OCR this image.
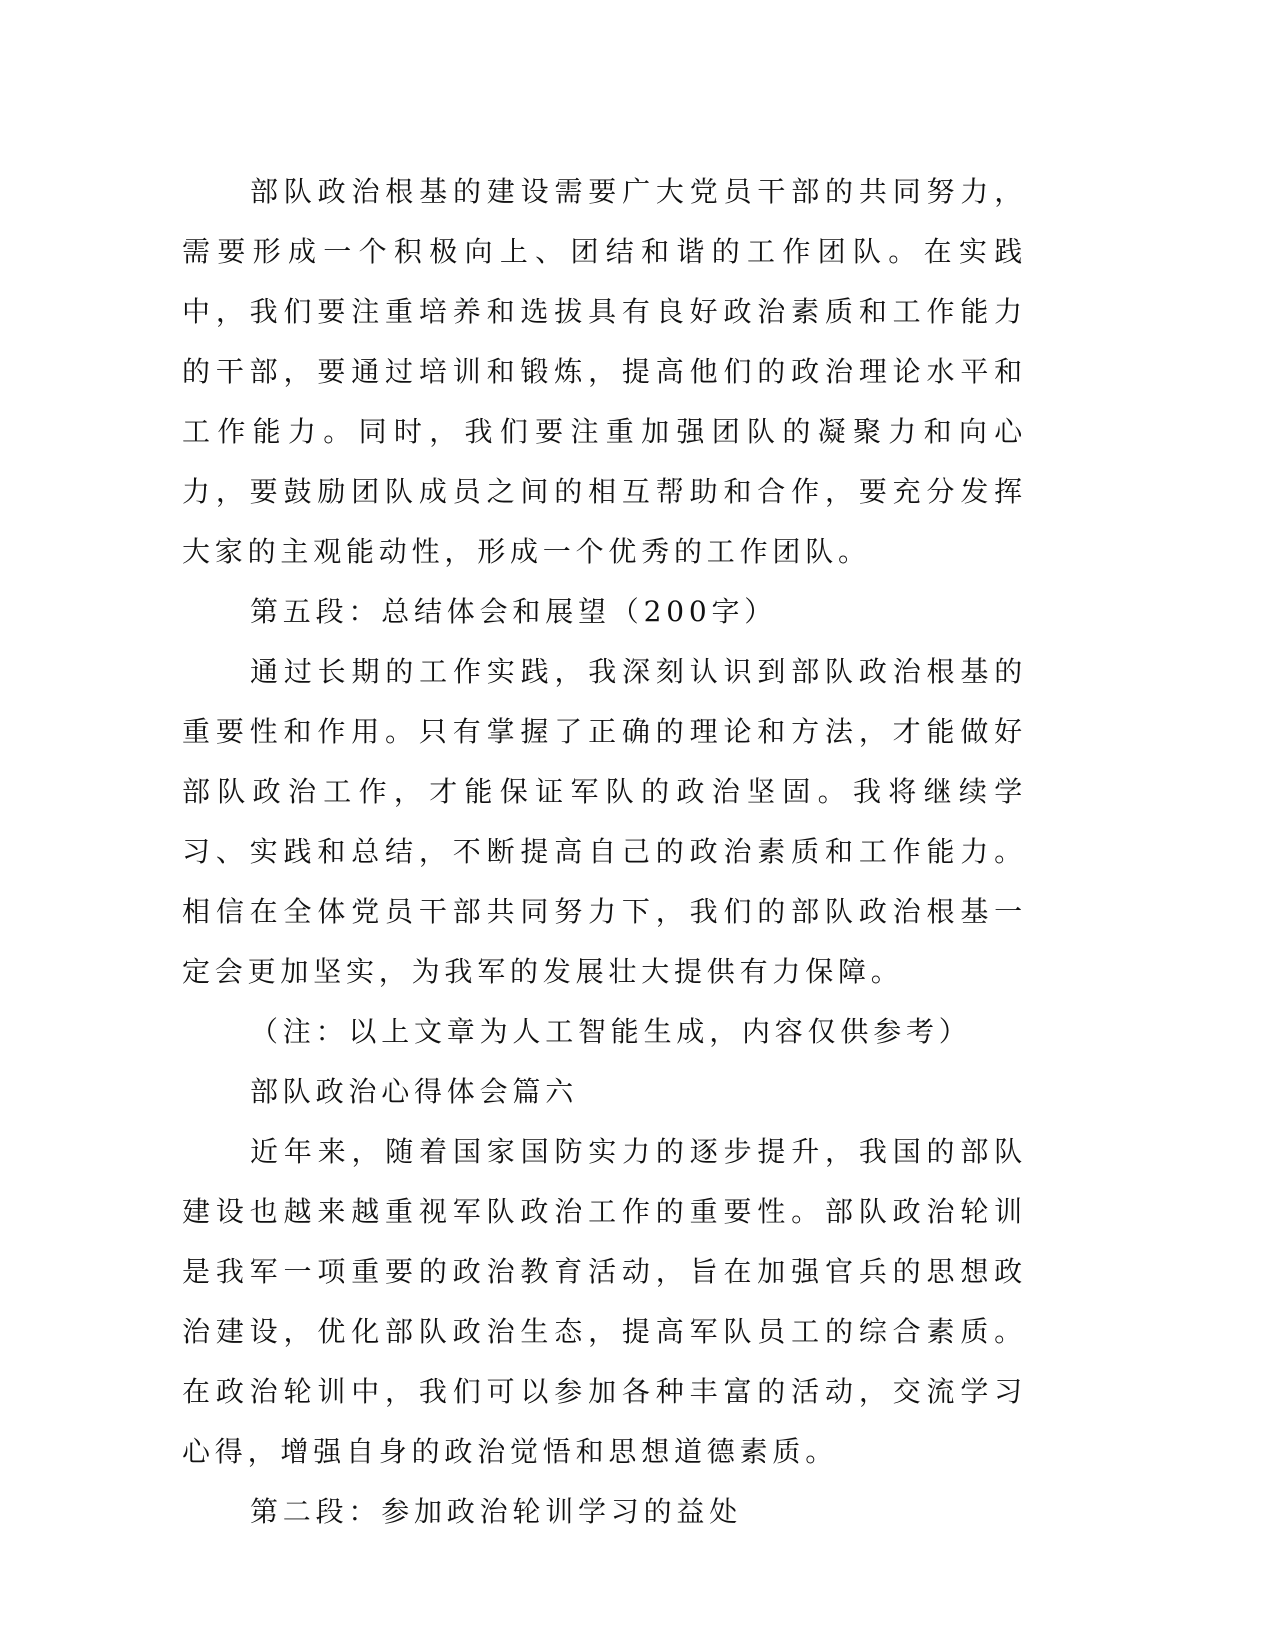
部队政治根基的建设需要广大党员干部的共同努力，需要形成一个积极向上、团结和谐的工作团队。在实践中，我们要注重培养和选拔具有良好政治素质和工作能力的干部，要通过培训和锻炼，提高他们的政治理论水平和工作能力。同时，我们要注重加强团队的凝聚力和向心力，要鼓励团队成员之间的相互帮助和合作，要充分发挥大家的主观能动性，形成一个优秀的工作团队。

第五段：总结体会和展望（200字）

通过长期的工作实践，我深刻认识到部队政治根基的重要性和作用。只有掌握了正确的理论和方法，才能做好部队政治工作，才能保证军队的政治坚固。我将继续学习、实践和总结，不断提高自己的政治素质和工作能力。相信在全体党员干部共同努力下，我们的部队政治根基一定会更加坚实，为我军的发展壮大提供有力保障。

（注：以上文章为人工智能生成，内容仅供参考）

部队政治心得体会篇六

近年来，随着国家国防实力的逐步提升，我国的部队建设也越来越重视军队政治工作的重要性。部队政治轮训是我军一项重要的政治教育活动，旨在加强官兵的思想政治建设，优化部队政治生态，提高军队员工的综合素质。在政治轮训中，我们可以参加各种丰富的活动，交流学习心得，增强自身的政治觉悟和思想道德素质。

第二段：参加政治轮训学习的益处
